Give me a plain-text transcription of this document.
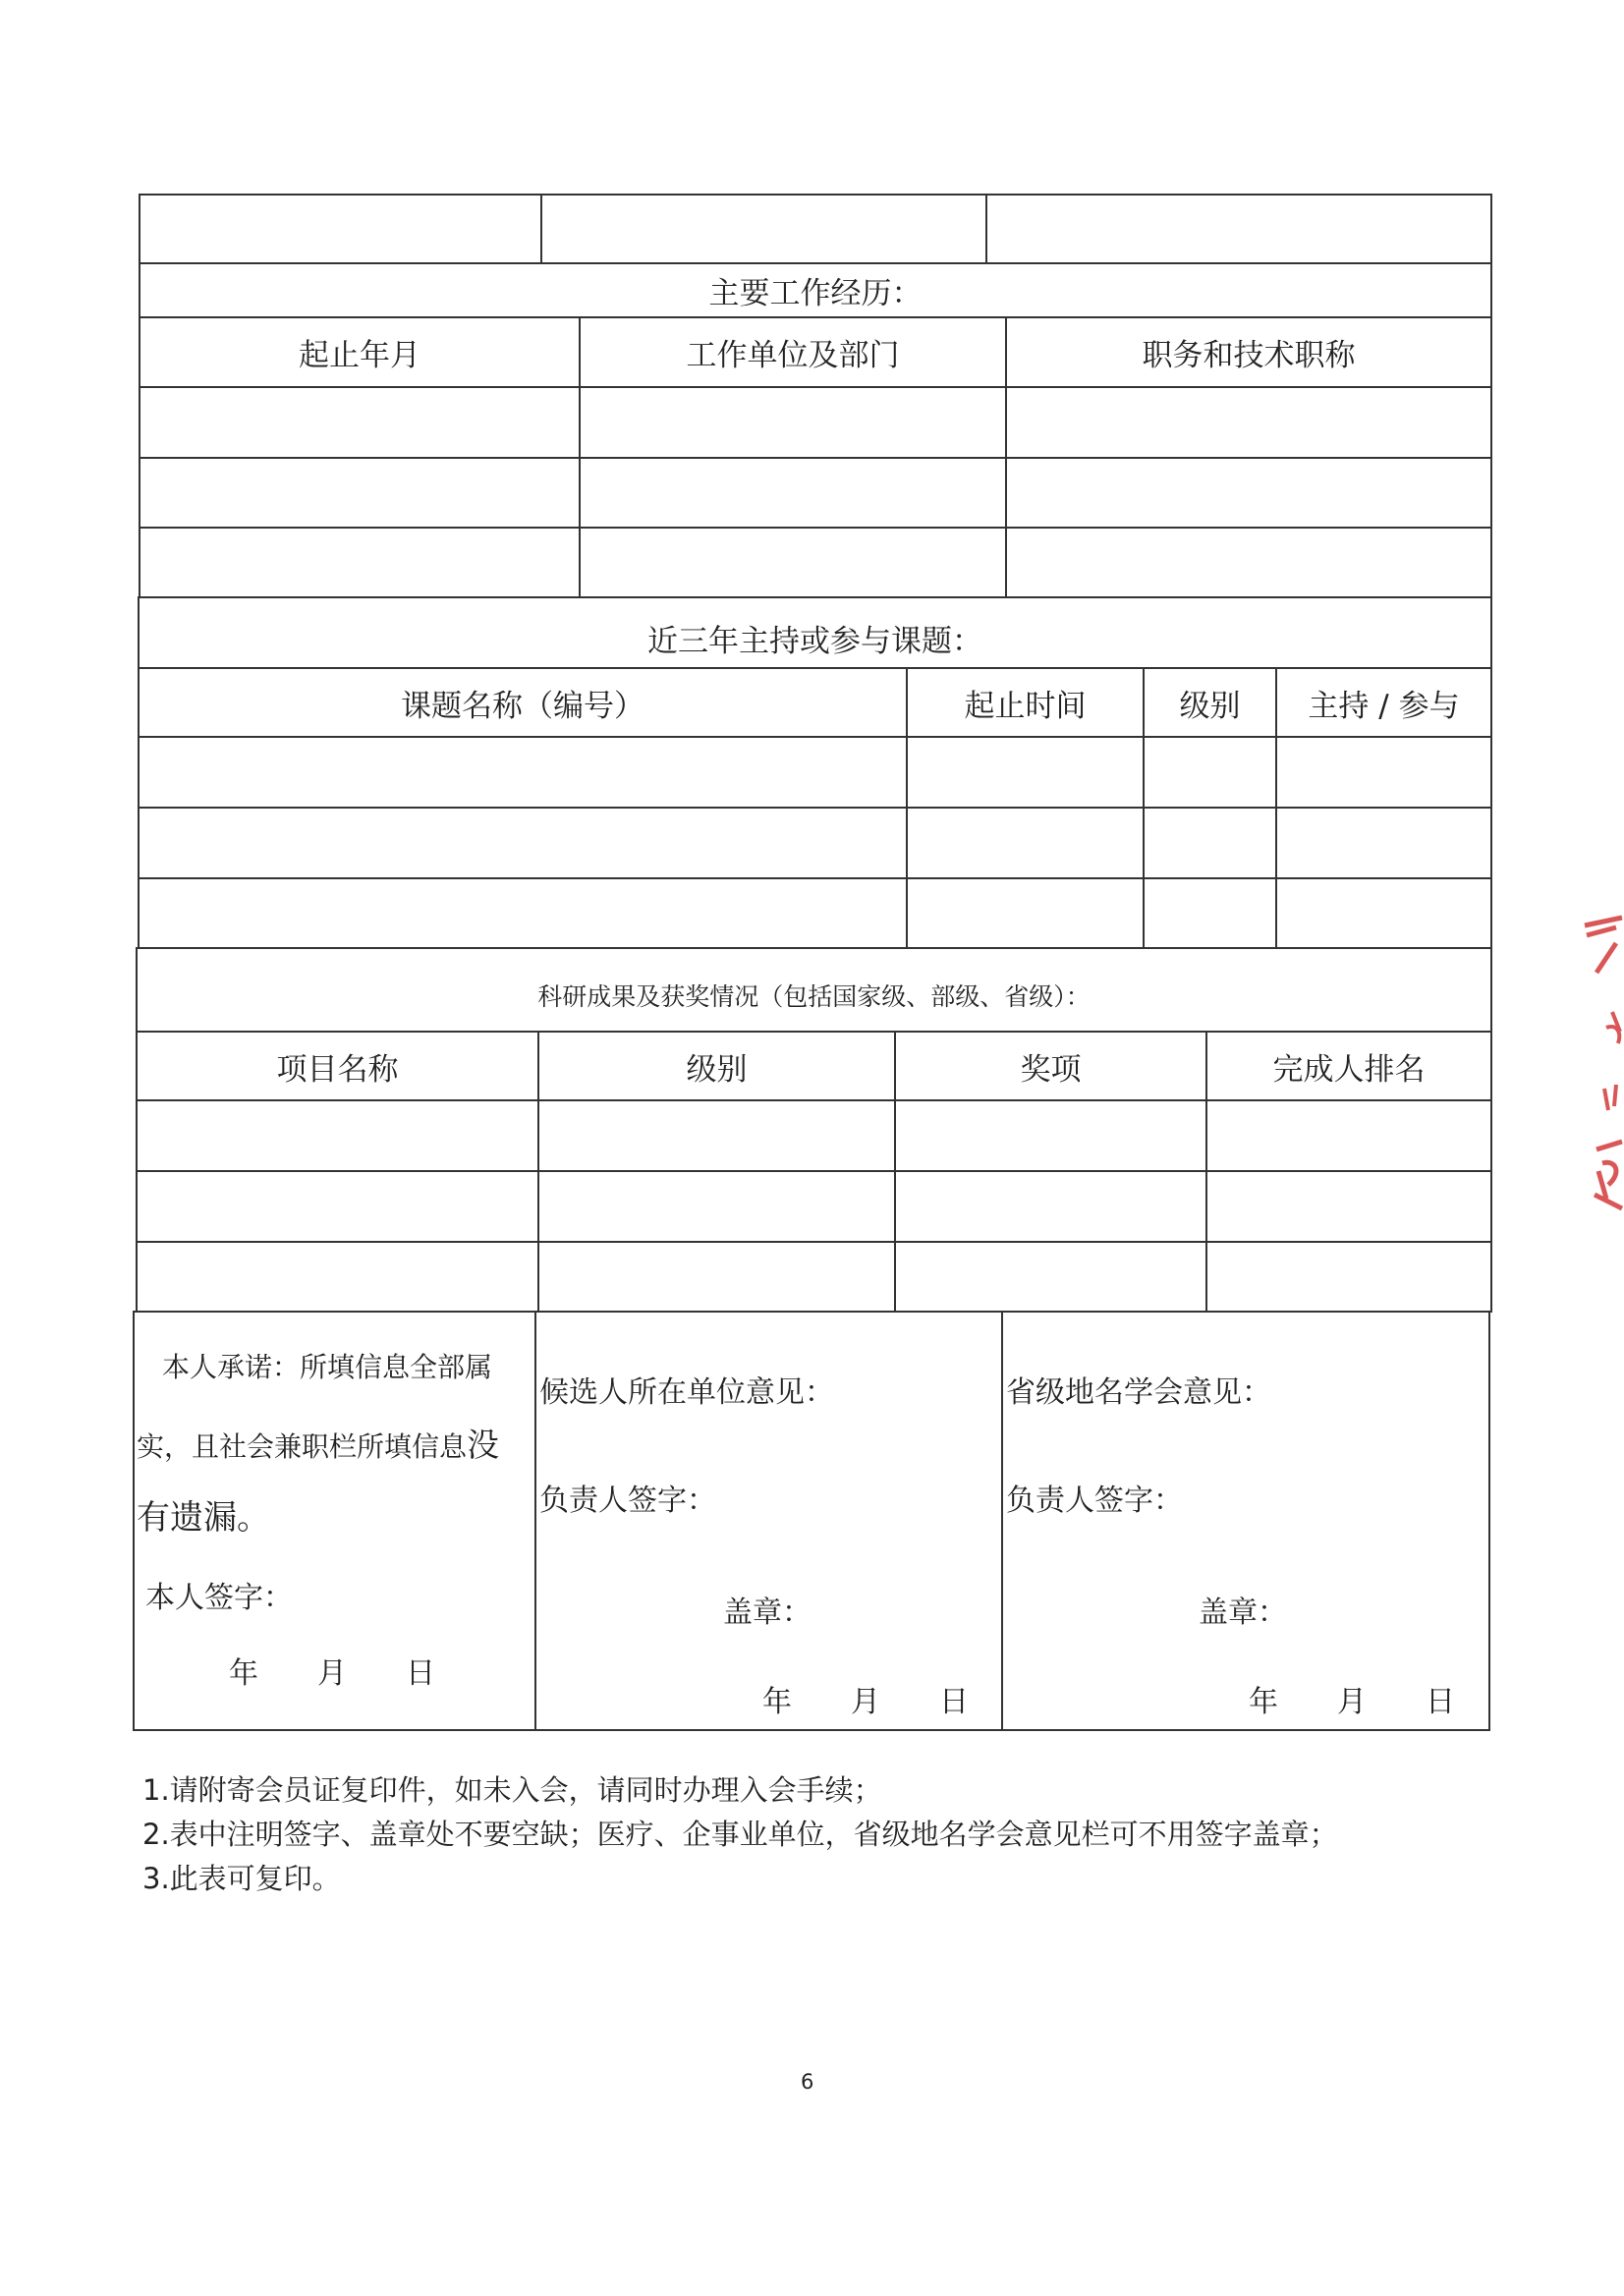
主要工作经历：		
起止年月	工作单位及部门	职务和技术职称

近三年主持或参与课题：			
课题名称（编号）	起止时间	级别	主持 / 参与

科研成果及获奖情况（包括国家级、部级、省级）：			
项目名称	级别	奖项	完成人排名

本人承诺：所填信息全部属
实，且社会兼职栏所填信息没
有遗漏。
本人签字：
年　　月　　日

候选人所在单位意见：
负责人签字：
盖章：
年　　月　　日

省级地名学会意见：
负责人签字：
盖章：
年　　月　　日
1.请附寄会员证复印件，如未入会，请同时办理入会手续；
2.表中注明签字、盖章处不要空缺；医疗、企事业单位，省级地名学会意见栏可不用签字盖章；
3.此表可复印。
6
